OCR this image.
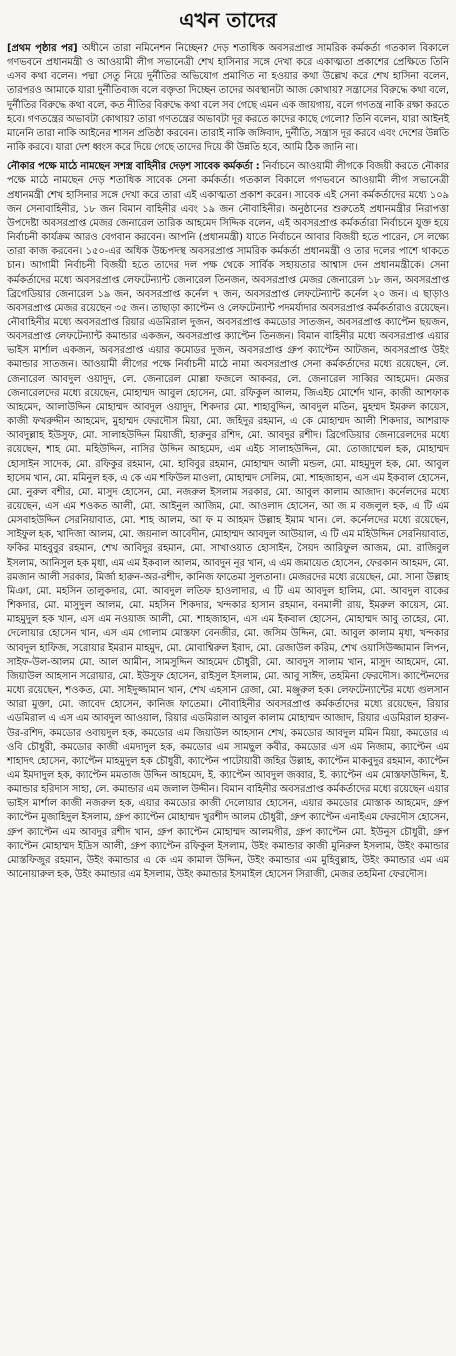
এখন তাদের

[প্রথম পৃষ্ঠার পর] অধীনে তারা নমিনেশন নিচ্ছেন? দেড় শতাধিক অবসরপ্রাপ্ত সামরিক কর্মকর্তা গতকাল বিকালে গণভবনে প্রধানমন্ত্রী ও আওয়ামী লীগ সভানেত্রী শেখ হাসিনার সঙ্গে দেখা করে একাত্মতা প্রকাশের প্রেক্ষিতে তিনি এসব কথা বলেন। পদ্মা সেতু নিয়ে দুর্নীতির অভিযোগ প্রমাণিত না হওয়ার কথা উল্লেখ করে শেখ হাসিনা বলেন, তারপরও আমাকে যারা দুর্নীতিবাজ বলে বক্তৃতা দিচ্ছেন তাদের অবস্থানটা আজ কোথায়? সন্ত্রাসের বিরুদ্ধে কথা বলে, দুর্নীতির বিরুদ্ধে কথা বলে, কত নীতির বিরুদ্ধে কথা বলে সব গেছে এমন এক জায়গায়, বলে গণতন্ত্র নাকি রক্ষা করতে হবে। গণতন্ত্রের অভাবটা কোথায়? তারা গণতন্ত্রের অভাবটা দূর করতে কাদের কাছে গেলো? তিনি বলেন, যারা আইনই মানেনি তারা নাকি আইনের শাসন প্রতিষ্ঠা করবেন। তারাই নাকি জঙ্গিবাদ, দুর্নীতি, সন্ত্রাস দূর করবে এবং দেশের উন্নতি নাকি করবে। যারা দেশ ধ্বংস করে দিয়ে গেছে তাদের দিয়ে কী উন্নতি হবে, আমি ঠিক জানি না।

নৌকার পক্ষে মাঠে নামছেন সশস্ত্র বাহিনীর দেড়শ সাবেক কর্মকর্তা : নির্বাচনে আওয়ামী লীগকে বিজয়ী করতে নৌকার পক্ষে মাঠে নামছেন দেড় শতাধিক সাবেক সেনা কর্মকর্তা। গতকাল বিকালে গণভবনে আওয়ামী লীগ সভানেত্রী প্রধানমন্ত্রী শেখ হাসিনার সঙ্গে দেখা করে তারা এই একাত্মতা প্রকাশ করেন। সাবেক এই সেনা কর্মকর্তাদের মধ্যে ১০৯ জন সেনাবাহিনীর, ১৮ জন বিমান বাহিনীর এবং ১৯ জন নৌবাহিনীর। অনুষ্ঠানের শুরুতেই প্রধানমন্ত্রীর নিরাপত্তা উপদেষ্টা অবসরপ্রাপ্ত মেজর জেনারেল তারিক আহমেদ সিদ্দিক বলেন, এই অবসরপ্রাপ্ত কর্মকর্তারা নির্বাচনে যুক্ত হয়ে নির্বাচনী কার্যক্রম আরও বেগবান করবেন। আপনি (প্রধানমন্ত্রী) যাতে নির্বাচনে আবার বিজয়ী হতে পারেন, সে লক্ষ্যে তারা কাজ করবেন। ১৫০-এর অধিক উচ্চপদস্থ অবসরপ্রাপ্ত সামরিক কর্মকর্তা প্রধানমন্ত্রী ও তার দলের পাশে থাকতে চান। আগামী নির্বাচনী বিজয়ী হতে তাদের দল পক্ষ থেকে সার্বিক সহায়তার আশ্বাস দেন প্রধানমন্ত্রীকে। সেনা কর্মকর্তাদের মধ্যে অবসরপ্রাপ্ত লেফটেন্যান্ট জেনারেল তিনজন, অবসরপ্রাপ্ত মেজর জেনারেল ১৮ জন, অবসরপ্রাপ্ত ব্রিগেডিয়ার জেনারেল ১৯ জন, অবসরপ্রাপ্ত কর্নেল ৭ জন, অবসরপ্রাপ্ত লেফটেন্যান্ট কর্নেল ২০ জন। এ ছাড়াও অবসরপ্রাপ্ত মেজর রয়েছেন ৩৫ জন। তাছাড়া ক্যাপ্টেন ও লেফটেন্যান্ট পদমর্যাদার অবসরপ্রাপ্ত কর্মকর্তারাও রয়েছেন। নৌবাহিনীর মধ্যে অবসরপ্রাপ্ত রিয়ার এডমিরাল দুজন, অবসরপ্রাপ্ত কমডোর সাতজন, অবসরপ্রাপ্ত ক্যাপ্টেন ছয়জন, অবসরপ্রাপ্ত লেফটেন্যান্ট কমান্ডার একজন, অবসরপ্রাপ্ত ক্যাপ্টেন তিনজন। বিমান বাহিনীর মধ্যে অবসরপ্রাপ্ত এয়ার ভাইস মার্শাল একজন, অবসরপ্রাপ্ত এয়ার কমোডর দুজন, অবসরপ্রাপ্ত গ্রুপ ক্যাপ্টেন আটজন, অবসরপ্রাপ্ত উইং কমান্ডার সাতজন। আওয়ামী লীগের পক্ষে নির্বাচনী মাঠে নামা অবসরপ্রাপ্ত সেনা কর্মকর্তাদের মধ্যে রয়েছেন, লে. জেনারেল আবদুল ওয়াদুদ, লে. জেনারেল মোল্লা ফজলে আকবর, লে. জেনারেল সাব্বির আহমেদ। মেজর জেনারেলদের মধ্যে রয়েছেন, মোহাম্মদ আবুল হোসেন, মো. রফিকুল আলম, জিএইচ মোর্শেদ খান, কাজী আশফাক আহমেদ, আলাউদ্দিন মোহাম্মদ আবদুল ওয়াদুদ, শিকদার মো. শাহাবুদ্দিন, আবদুল মতিন, মুহম্মদ ইমরুল কায়েস, কাজী ফখরুদ্দীন আহমেদ, মুহাম্মদ ফেরদৌস মিয়া, মো. জহিদুর রহমান, এ কে মোহাম্মদ আলী শিকদার, আশরাফ আবদুল্লাহ ইউসুফ, মো. সালাহউদ্দিন মিয়াজী, হারুনুর রশিদ, মো. আবদুর রশীদ। ব্রিগেডিয়ার জেনারেলদের মধ্যে রয়েছেন, শাহ মো. মহিউদ্দিন, নাসির উদ্দিন আহমেদ, এম এইচ সালাহউদ্দিন, মো. তোজাম্মেল হক, মোহাম্মদ হোসাইন সাদেক, মো. রফিকুর রহমান, মো. হাবিবুর রহমান, মোহাম্মদ আলী মন্ডল, মো. মাহমুদুল হক, মো. আবুল হাসেম খান, মো. মমিনুল হক, এ কে এম শফিউল মাওলা, মোহাম্মদ সেলিম, মো. শাহজাহান, এস এম ইকবাল হোসেন, মো. নুরুল বশীর, মো. মাসুদ হোসেন, মো. নজরুল ইসলাম সরকার, মো. আবুল কালাম আজাদ। কর্নেলদের মধ্যে রয়েছেন, এস এম শওকত আলী, মো. আইনুল আজিম, মো. আওলাদ হোসেন, আ জ ম বজলুল হক, এ টি এম মেসবাহউদ্দিন সেরনিয়াবাত, মো. শাহ আলম, আ ফ ম আহমদ উল্লাহ ইমাম খান। লে. কর্নেলদের মধ্যে রয়েছেন, সাইফুল হক, খাদিজা আলম, মো. জয়নাল আবেদীন, মোহাম্মদ আবদুল আউয়াল, এ টি এম মহিউদ্দিন সেরনিয়াবাত, ফকির মাহবুবুর রহমান, শেখ আবিদুর রহমান, মো. সাখাওয়াত হোসাইন, সৈয়দ আরিফুল আজম, মো. রাজিবুল ইসলাম, আনিসুল হক মৃধা, এম এম ইকবাল আলম, আবদুন নূর খান, এ এম জমায়েত হোসেন, ফেরকান আহমদ, মো. রমজান আলী সরকার, মির্জা হারুন-অর-রশীদ, কানিজ ফাতেমা সুলতানা। মেজরদের মধ্যে রয়েছেন, মো. সানা উল্লাহ মিঞা, মো. মহসিন তালুকদার, মো. আবদুল লতিফ হাওলাদার, এ টি এম আবদুল হালিম, মো. আবদুল বাকের শিকদার, মো. মাসুদুল আলম, মো. মহসিন শিকদার, খন্দকার হাসান রহমান, বনমালী রায়, ইমরুল কায়েস, মো. মাহমুদুল হক খান, এস এম নওয়াজ আলী, মো. শাহজাহান, এস এম ইকবাল হোসেন, মোহাম্মদ আবু তাহের, মো. দেলোয়ার হোসেন খান, এস এম গোলাম মোস্তফা বেনজীর, মো. জসিম উদ্দিন, মো. আবুল কালাম মৃধা, খন্দকার আবদুল হাফিজ, সরোয়ার ইমরান মাহমুদ, মো. মোবাশ্বিরুল ইবাদ, মো. রেজাউল করিম, শেখ ওয়াসিউজ্জামান লিপন, সাইফ-উল-আলম মো. আল আমীন, সামসুদ্দিন আহমেদ চৌধুরী, মো. আবদুস সালাম খান, মাসুদ আহমেদ, মো. জিয়াউল আহসান সরোয়ার, মো. ইউসুফ হোসেন, রাইসুল ইসলাম, মো. আবু সাঈদ, তহমিনা ফেরদৌস। ক্যাপ্টেনদের মধ্যে রয়েছেন, শওকত, মো. সাইদুজ্জামান খান, শেখ এহসান রেজা, মো. মঞ্জুরুল হক। লেফটেন্যান্টের মধ্যে গুলসান আরা মুক্তা, মো. জাবেদ হোসেন, কানিজ ফাতেমা। নৌবাহিনীর অবসরপ্রাপ্ত কর্মকর্তাদের মধ্যে রয়েছেন, রিয়ার এডমিরাল এ এস এম আবদুল আওয়াল, রিয়ার এডমিরাল আবুল কালাম মোহাম্মদ আজাদ, রিয়ার এডমিরাল হারুন-উর-রশিদ, কমডোর ওবায়দুল হক, কমডোর এম জিয়াউল আহসান শেখ, কমডোর আবদুল মমিন মিয়া, কমডোর এ ওবি চৌধুরী, কমডোর কাজী এমদাদুল হক, কমডোর এম সামছুল কবীর, কমডোর এস এম নিজাম, ক্যাপ্টেন এম শাহাদৎ হোসেন, ক্যাপ্টেন মাহমুদুল হক চৌধুরী, ক্যাপ্টেন পাটোয়ারী জহির উল্লাহ, ক্যাপ্টেন মাকবুদুর রহমান, ক্যাপ্টেন এম ইমদাদুল হক, ক্যাপ্টেন মমতাজ উদ্দিন আহমেদ, ই. ক্যাপ্টেন আবদুল জব্বার, ই. ক্যাপ্টেন এম মোস্তফাউদ্দিন, ই. কমান্ডার হরিদাস সাহা, লে. কমান্ডার এম জলাল উদ্দীন। বিমান বাহিনীর অবসরপ্রাপ্ত কর্মকর্তাদের মধ্যে রয়েছেন এয়ার ভাইস মার্শাল কাজী নজরুল হক, এয়ার কমডোর কাজী দেলোয়ার হোসেন, এয়ার কমডোর মোস্তাক আহমেদ, গ্রুপ ক্যাপ্টেন মুজাহিদুল ইসলাম, গ্রুপ ক্যাপ্টেন মোহাম্মদ খুরশীদ আলম চৌধুরী, গ্রুপ ক্যাপ্টেন এনাইএম ফেরদৌস হোসেন, গ্রুপ ক্যাপ্টেন এম আবদুর রশীদ খান, গ্রুপ ক্যাপ্টেন মোহাম্মদ আলমগীর, গ্রুপ ক্যাপ্টেন মো. ইউনুস চৌধুরী, গ্রুপ ক্যাপ্টেন মোহাম্মদ ইদ্রিস আলী, গ্রুপ ক্যাপ্টেন রফিকুল ইসলাম, উইং কমান্ডার কাজী মুনিরুল ইসলাম, উইং কমান্ডার মোস্তফিজুর রহমান, উইং কমান্ডার এ কে এম কামাল উদ্দিন, উইং কমান্ডার এম মুহিবুল্লাহ, উইং কমান্ডার এম এম আনোয়ারুল হক, উইং কমান্ডার এম ইসলাম, উইং কমান্ডার ইসমাইল হোসেন সিরাজী, মেজর তহমিনা ফেরদৌস।
